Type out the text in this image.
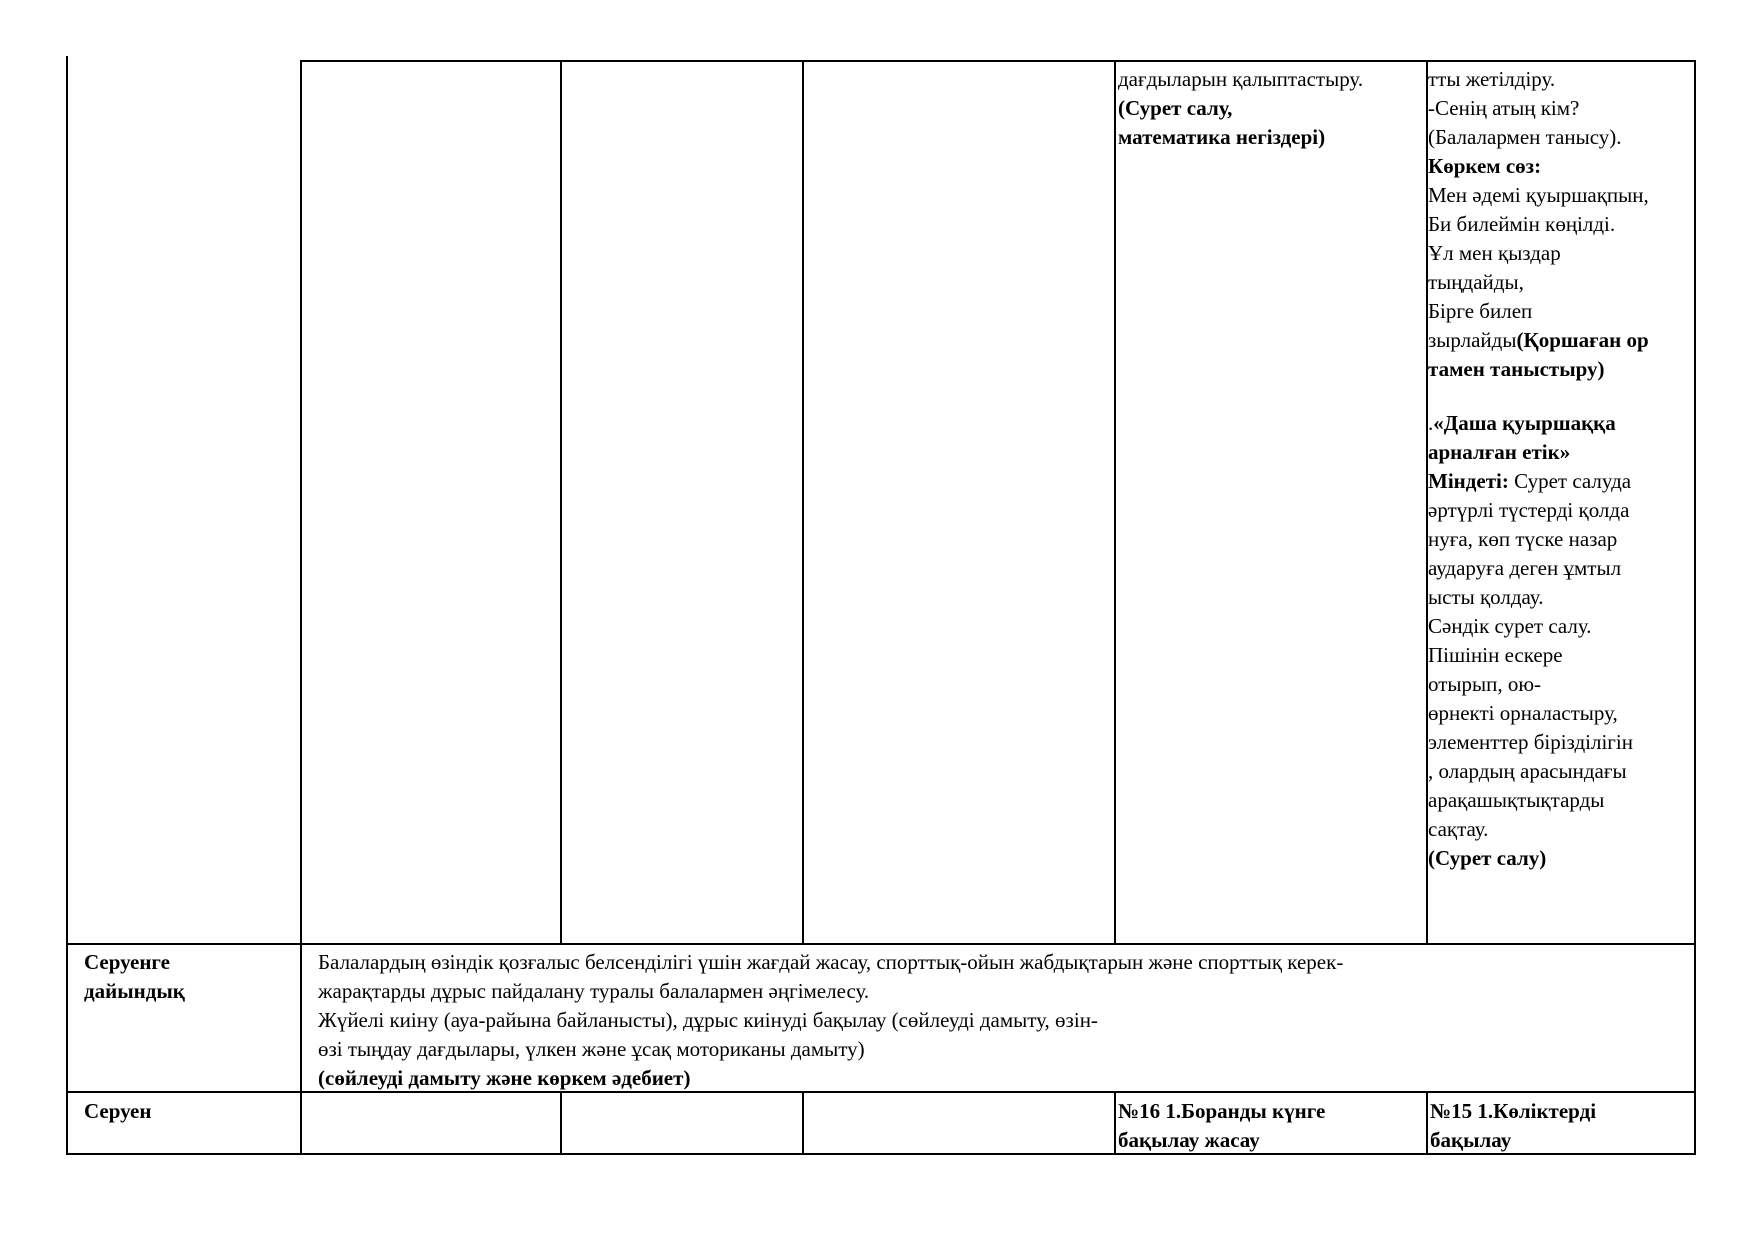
дағдыларын қалыптастыру.
(Сурет салу,
математика негіздері)
тты жетілдіру.
-Сенің атың кім?
(Балалармен танысу).
Көркем сөз:
Мен әдемі қуыршақпын,
Би билеймін көңілді.
Ұл мен қыздар
тыңдайды,
Бірге билеп
зырлайды(Қоршаған ор
тамен таныстыру)
.«Даша қуыршаққа
арналған етік»
Міндеті: Сурет салуда
әртүрлі түстерді қолда
нуға, көп түске назар
аударуға деген ұмтыл
ысты қолдау.
Сәндік сурет салу.
Пішінін ескере
отырып, ою-
өрнекті орналастыру,
элементтер бірізділігін
, олардың арасындағы
арақашықтықтарды
сақтау.
(Сурет салу)
Серуенге
дайындық
Балалардың өзіндік қозғалыс белсенділігі үшін жағдай жасау, спорттық-ойын жабдықтарын және спорттық керек-
жарақтарды дұрыс пайдалану туралы балалармен әңгімелесу.
Жүйелі киіну (ауа-райына байланысты), дұрыс киінуді бақылау (сөйлеуді дамыту, өзін-
өзі тыңдау дағдылары, үлкен және ұсақ моториканы дамыту)
(сөйлеуді дамыту және көркем әдебиет)
Серуен	№16 1.Боранды күнге
бақылау жасау
№15 1.Көліктерді
бақылау
